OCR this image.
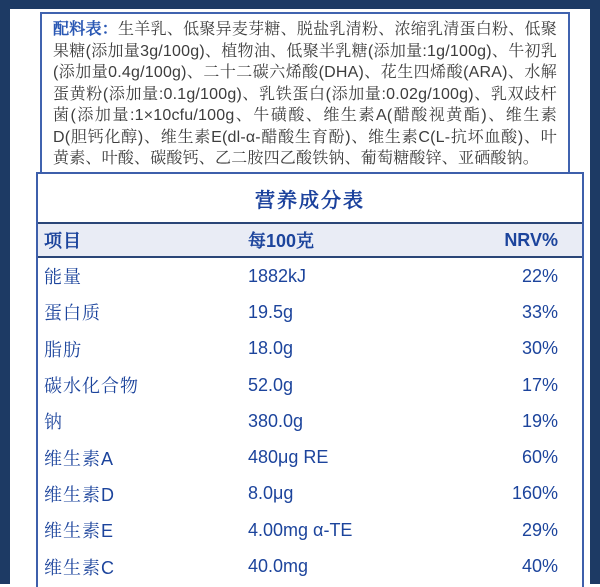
配料表：生羊乳、低聚异麦芽糖、脱盐乳清粉、浓缩乳清蛋白粉、低聚果糖(添加量3g/100g)、植物油、低聚半乳糖(添加量:1g/100g)、牛初乳(添加量0.4g/100g)、二十二碳六烯酸(DHA)、花生四烯酸(ARA)、水解蛋黄粉(添加量:0.1g/100g)、乳铁蛋白(添加量:0.02g/100g)、乳双歧杆菌(添加量:1×10cfu/100g、牛磺酸、维生素A(醋酸视黄酯)、维生素D(胆钙化醇)、维生素E(dl-α-醋酸生育酚)、维生素C(L-抗坏血酸)、叶黄素、叶酸、碳酸钙、乙二胺四乙酸铁钠、葡萄糖酸锌、亚硒酸钠。
营养成分表
项目	每100克	NRV%
能量	1882kJ	22%
蛋白质	19.5g	33%
脂肪	18.0g	30%
碳水化合物	52.0g	17%
钠	380.0g	19%
维生素A	480μg RE	60%
维生素D	8.0μg	160%
维生素E	4.00mg α-TE	29%
维生素C	40.0mg	40%
